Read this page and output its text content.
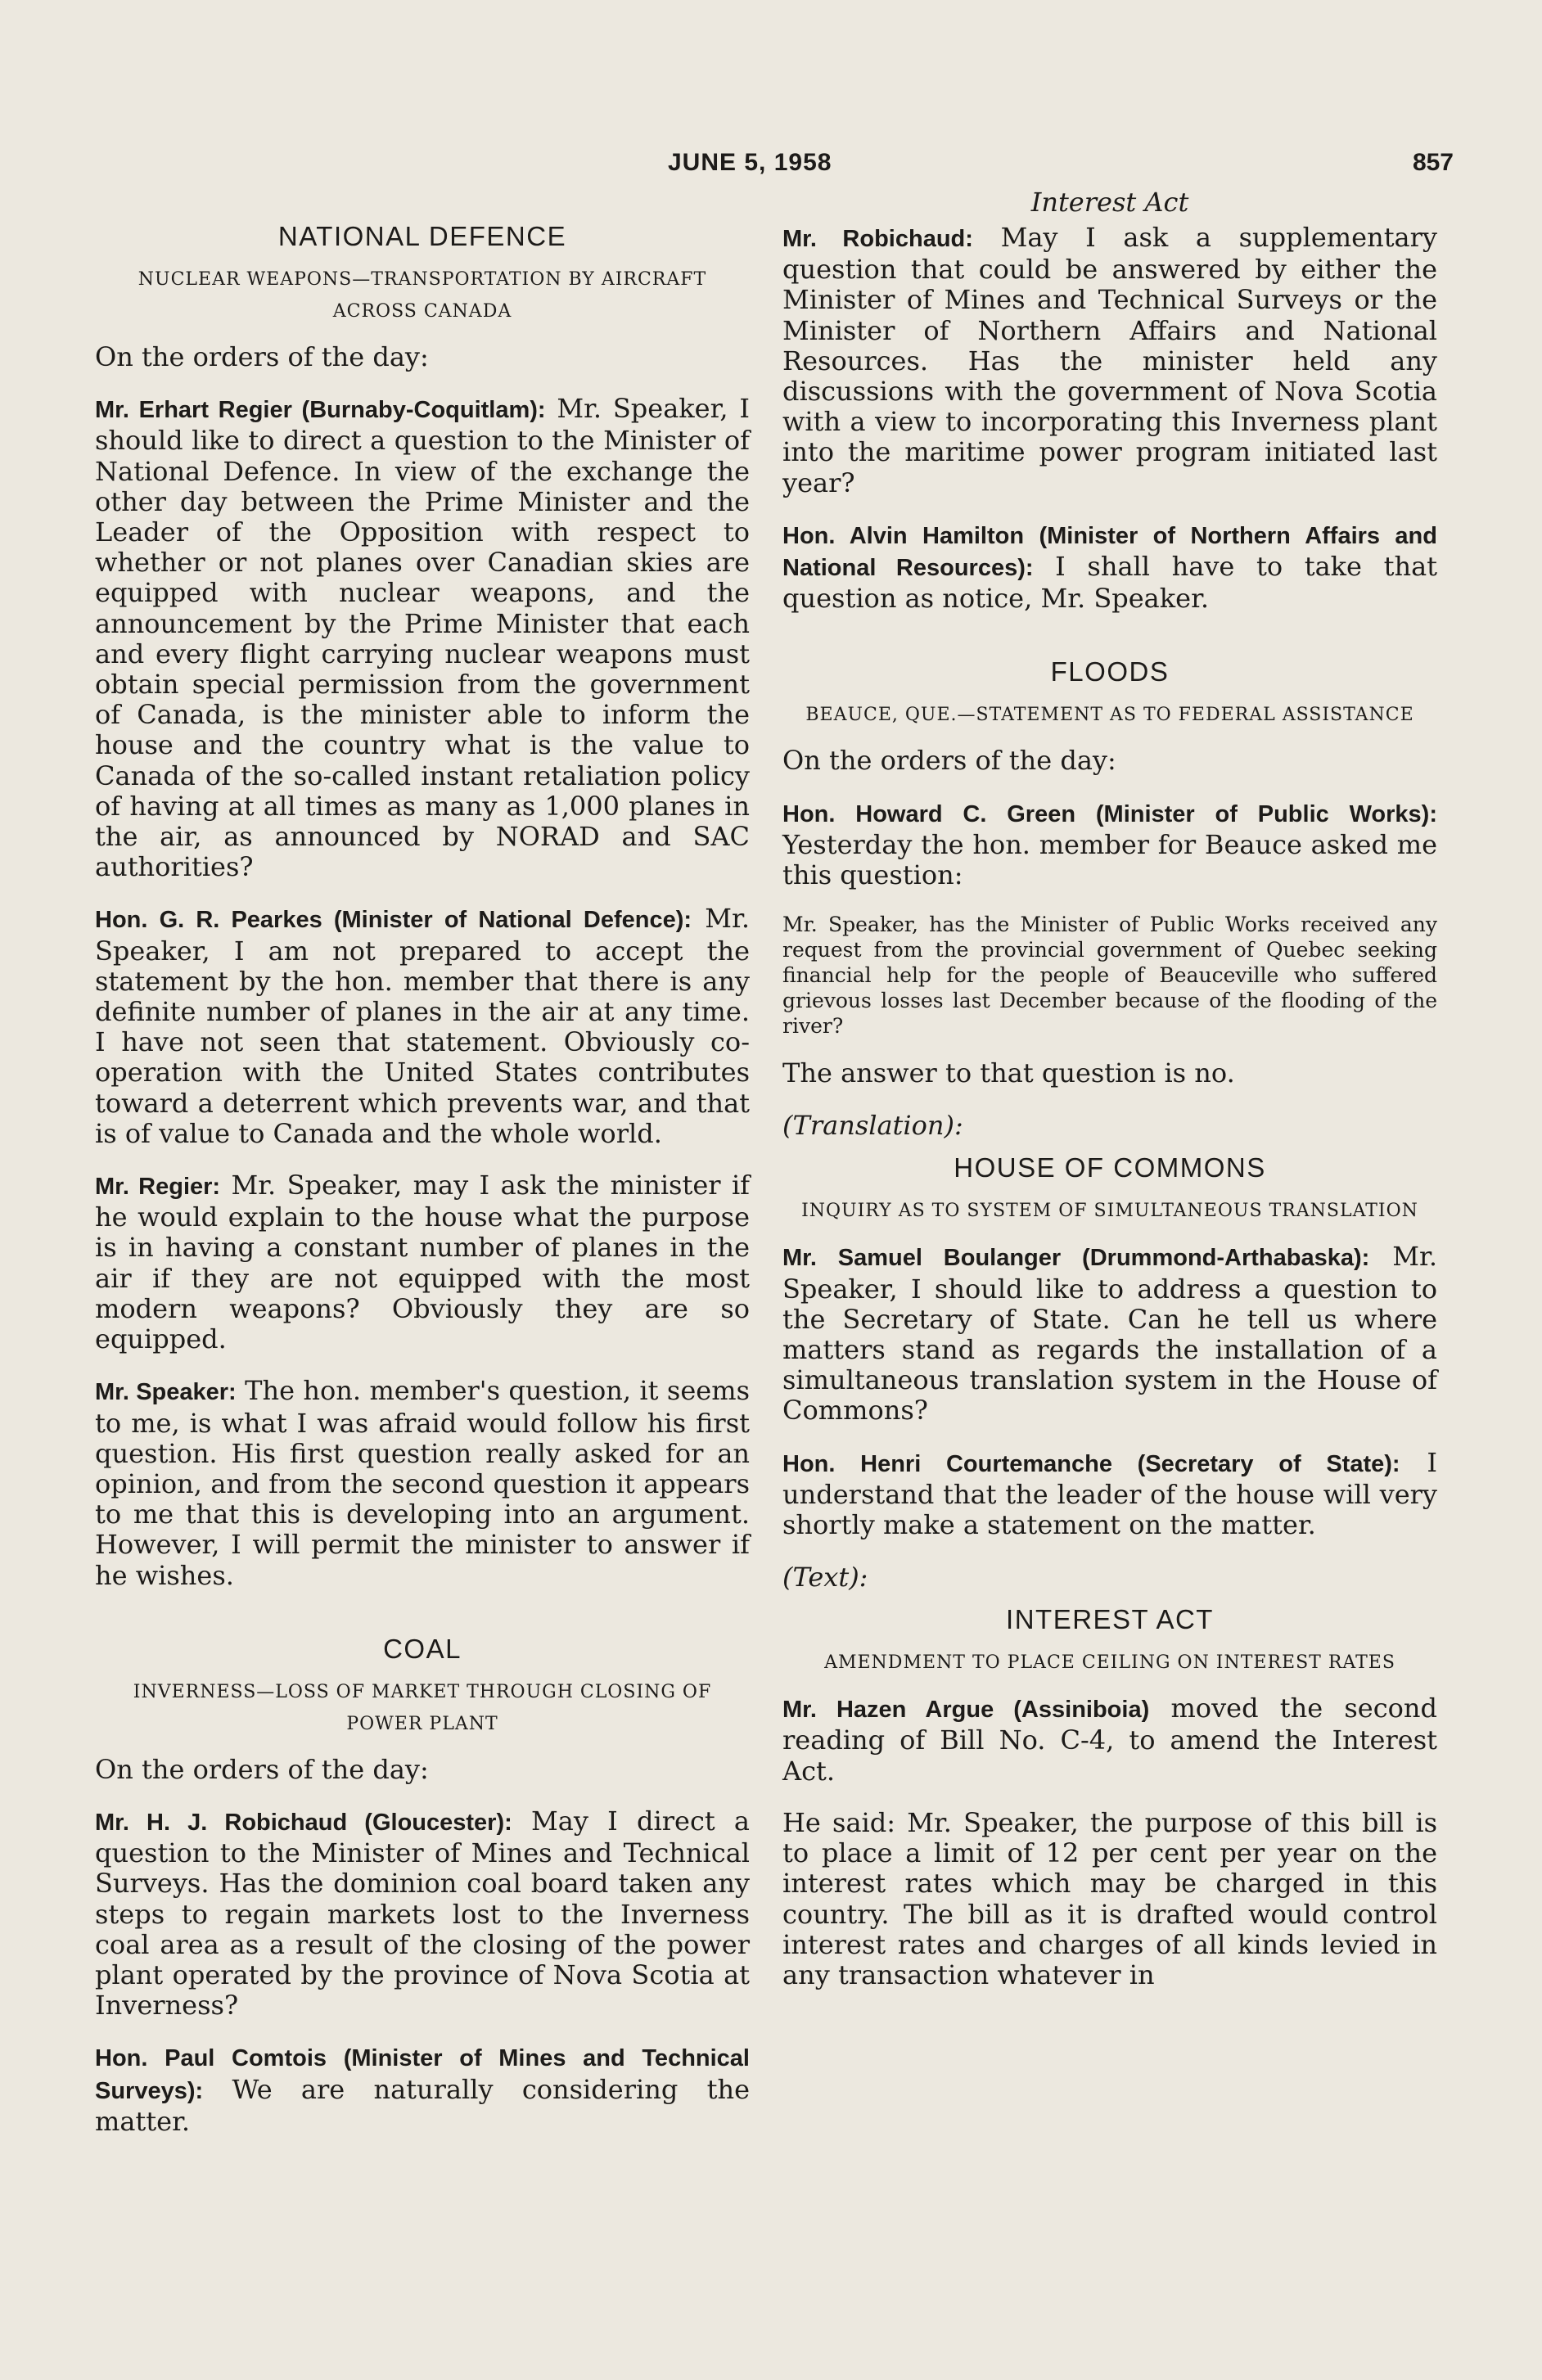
JUNE 5, 1958	857
NATIONAL DEFENCE
NUCLEAR WEAPONS—TRANSPORTATION BY AIRCRAFT ACROSS CANADA

On the orders of the day:

Mr. Erhart Regier (Burnaby-Coquitlam): Mr. Speaker, I should like to direct a question to the Minister of National Defence. In view of the exchange the other day between the Prime Minister and the Leader of the Opposition with respect to whether or not planes over Canadian skies are equipped with nuclear weapons, and the announcement by the Prime Minister that each and every flight carrying nuclear weapons must obtain special permission from the government of Canada, is the minister able to inform the house and the country what is the value to Canada of the so-called instant retaliation policy of having at all times as many as 1,000 planes in the air, as announced by NORAD and SAC authorities?

Hon. G. R. Pearkes (Minister of National Defence): Mr. Speaker, I am not prepared to accept the statement by the hon. member that there is any definite number of planes in the air at any time. I have not seen that statement. Obviously co-operation with the United States contributes toward a deterrent which prevents war, and that is of value to Canada and the whole world.

Mr. Regier: Mr. Speaker, may I ask the minister if he would explain to the house what the purpose is in having a constant number of planes in the air if they are not equipped with the most modern weapons? Obviously they are so equipped.

Mr. Speaker: The hon. member's question, it seems to me, is what I was afraid would follow his first question. His first question really asked for an opinion, and from the second question it appears to me that this is developing into an argument. However, I will permit the minister to answer if he wishes.

COAL
INVERNESS—LOSS OF MARKET THROUGH CLOSING OF POWER PLANT

On the orders of the day:

Mr. H. J. Robichaud (Gloucester): May I direct a question to the Minister of Mines and Technical Surveys. Has the dominion coal board taken any steps to regain markets lost to the Inverness coal area as a result of the closing of the power plant operated by the province of Nova Scotia at Inverness?

Hon. Paul Comtois (Minister of Mines and Technical Surveys): We are naturally considering the matter.

Interest Act

Mr. Robichaud: May I ask a supplementary question that could be answered by either the Minister of Mines and Technical Surveys or the Minister of Northern Affairs and National Resources. Has the minister held any discussions with the government of Nova Scotia with a view to incorporating this Inverness plant into the maritime power program initiated last year?

Hon. Alvin Hamilton (Minister of Northern Affairs and National Resources): I shall have to take that question as notice, Mr. Speaker.

FLOODS
BEAUCE, QUE.—STATEMENT AS TO FEDERAL ASSISTANCE

On the orders of the day:

Hon. Howard C. Green (Minister of Public Works): Yesterday the hon. member for Beauce asked me this question:

Mr. Speaker, has the Minister of Public Works received any request from the provincial government of Quebec seeking financial help for the people of Beauceville who suffered grievous losses last December because of the flooding of the river?

The answer to that question is no.

(Translation):
HOUSE OF COMMONS
INQUIRY AS TO SYSTEM OF SIMULTANEOUS TRANSLATION

Mr. Samuel Boulanger (Drummond-Arthabaska): Mr. Speaker, I should like to address a question to the Secretary of State. Can he tell us where matters stand as regards the installation of a simultaneous translation system in the House of Commons?

Hon. Henri Courtemanche (Secretary of State): I understand that the leader of the house will very shortly make a statement on the matter.

(Text):
INTEREST ACT
AMENDMENT TO PLACE CEILING ON INTEREST RATES

Mr. Hazen Argue (Assiniboia) moved the second reading of Bill No. C-4, to amend the Interest Act.

He said: Mr. Speaker, the purpose of this bill is to place a limit of 12 per cent per year on the interest rates which may be charged in this country. The bill as it is drafted would control interest rates and charges of all kinds levied in any transaction whatever in
